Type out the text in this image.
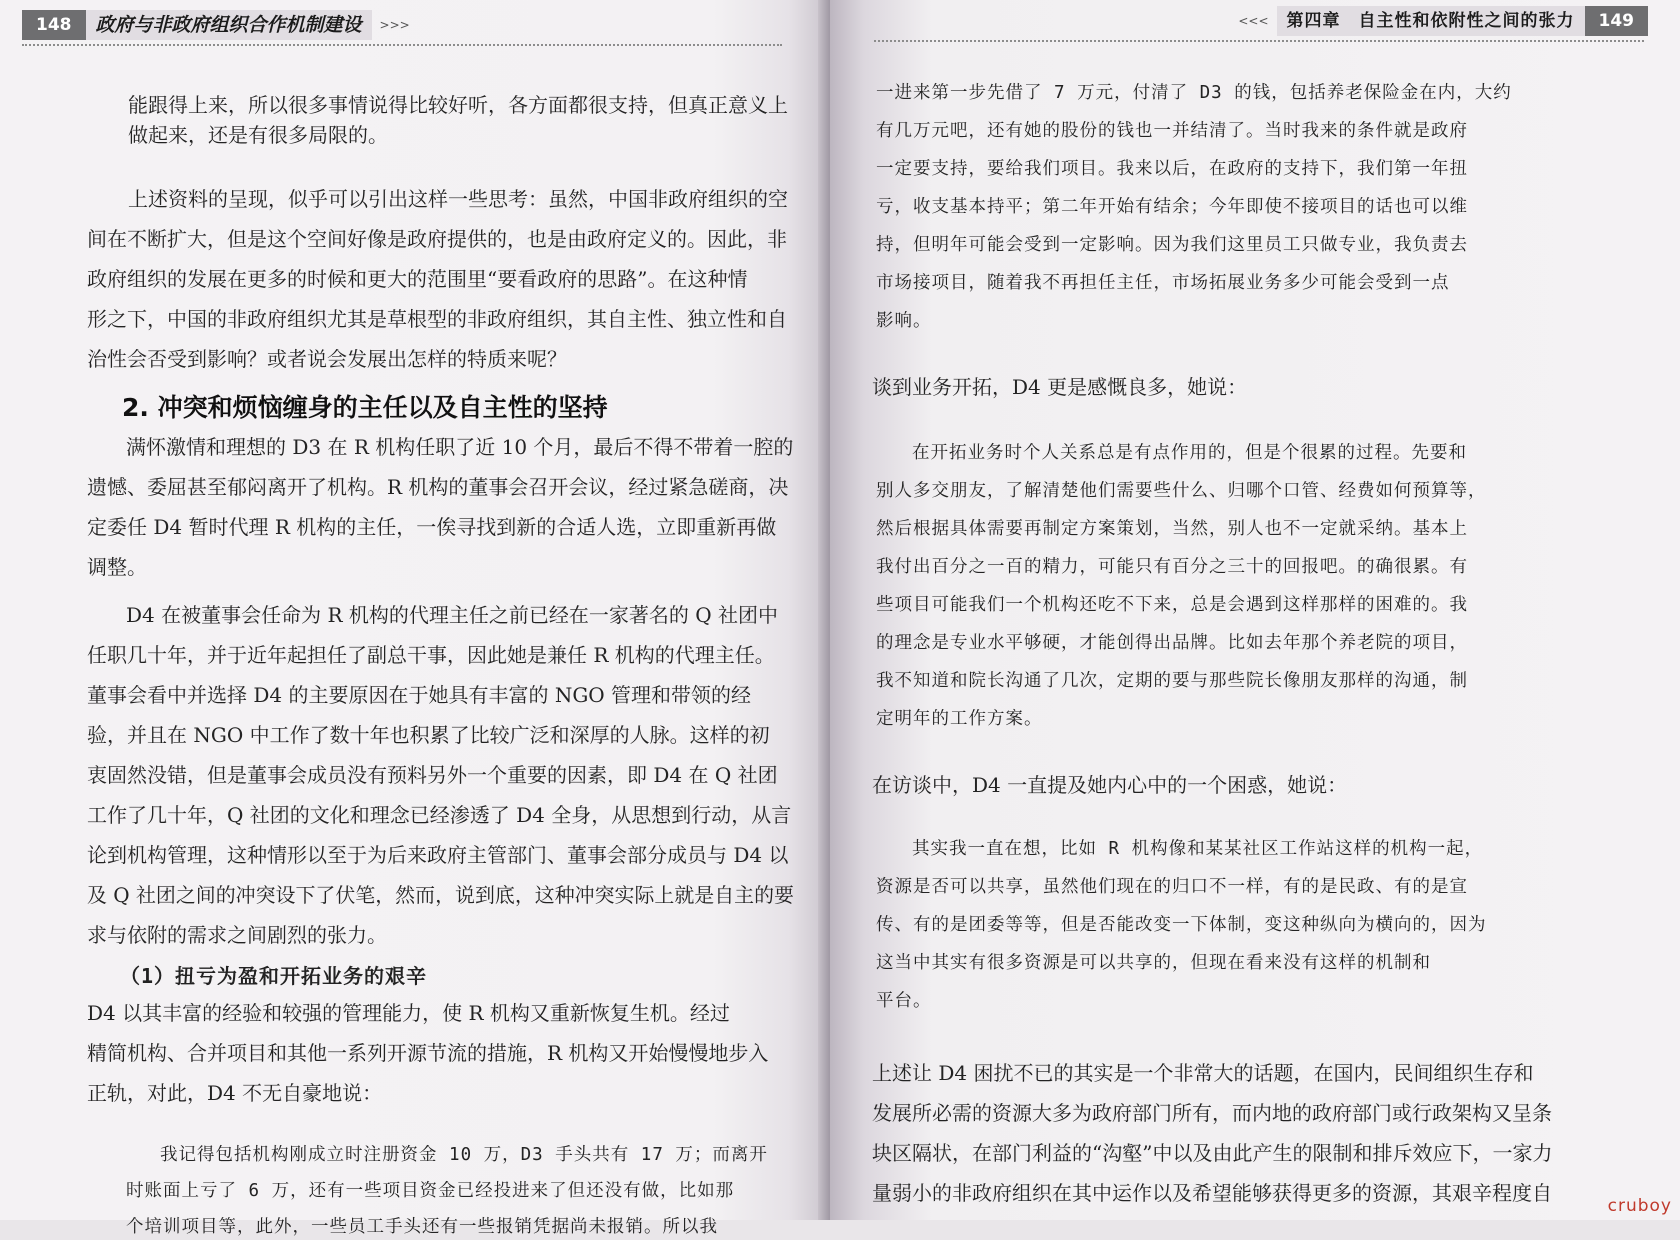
148	政府与非政府组织合作机制建设	>>>
能跟得上来，所以很多事情说得比较好听，各方面都很支持，但真正意义上
做起来，还是有很多局限的。
上述资料的呈现，似乎可以引出这样一些思考：虽然，中国非政府组织的空
间在不断扩大，但是这个空间好像是政府提供的，也是由政府定义的。因此，非
政府组织的发展在更多的时候和更大的范围里“要看政府的思路”。在这种情
形之下，中国的非政府组织尤其是草根型的非政府组织，其自主性、独立性和自
治性会否受到影响？或者说会发展出怎样的特质来呢？
2. 冲突和烦恼缠身的主任以及自主性的坚持
满怀激情和理想的 D3 在 R 机构任职了近 10 个月，最后不得不带着一腔的
遗憾、委屈甚至郁闷离开了机构。R 机构的董事会召开会议，经过紧急磋商，决
定委任 D4 暂时代理 R 机构的主任，一俟寻找到新的合适人选，立即重新再做
调整。
D4 在被董事会任命为 R 机构的代理主任之前已经在一家著名的 Q 社团中
任职几十年，并于近年起担任了副总干事，因此她是兼任 R 机构的代理主任。
董事会看中并选择 D4 的主要原因在于她具有丰富的 NGO 管理和带领的经
验，并且在 NGO 中工作了数十年也积累了比较广泛和深厚的人脉。这样的初
衷固然没错，但是董事会成员没有预料另外一个重要的因素，即 D4 在 Q 社团
工作了几十年，Q 社团的文化和理念已经渗透了 D4 全身，从思想到行动，从言
论到机构管理，这种情形以至于为后来政府主管部门、董事会部分成员与 D4 以
及 Q 社团之间的冲突设下了伏笔，然而，说到底，这种冲突实际上就是自主的要
求与依附的需求之间剧烈的张力。
（1）扭亏为盈和开拓业务的艰辛
D4 以其丰富的经验和较强的管理能力，使 R 机构又重新恢复生机。经过
精简机构、合并项目和其他一系列开源节流的措施，R 机构又开始慢慢地步入
正轨，对此，D4 不无自豪地说：
我记得包括机构刚成立时注册资金 10 万，D3 手头共有 17 万；而离开
时账面上亏了 6 万，还有一些项目资金已经投进来了但还没有做，比如那
个培训项目等，此外，一些员工手头还有一些报销凭据尚未报销。所以我
<<<	第四章　自主性和依附性之间的张力	149
一进来第一步先借了 7 万元，付清了 D3 的钱，包括养老保险金在内，大约
有几万元吧，还有她的股份的钱也一并结清了。当时我来的条件就是政府
一定要支持，要给我们项目。我来以后，在政府的支持下，我们第一年扭
亏，收支基本持平；第二年开始有结余；今年即使不接项目的话也可以维
持，但明年可能会受到一定影响。因为我们这里员工只做专业，我负责去
市场接项目，随着我不再担任主任，市场拓展业务多少可能会受到一点
影响。
谈到业务开拓，D4 更是感慨良多，她说：
在开拓业务时个人关系总是有点作用的，但是个很累的过程。先要和
别人多交朋友，了解清楚他们需要些什么、归哪个口管、经费如何预算等，
然后根据具体需要再制定方案策划，当然，别人也不一定就采纳。基本上
我付出百分之一百的精力，可能只有百分之三十的回报吧。的确很累。有
些项目可能我们一个机构还吃不下来，总是会遇到这样那样的困难的。我
的理念是专业水平够硬，才能创得出品牌。比如去年那个养老院的项目，
我不知道和院长沟通了几次，定期的要与那些院长像朋友那样的沟通，制
定明年的工作方案。
在访谈中，D4 一直提及她内心中的一个困惑，她说：
其实我一直在想，比如 R 机构像和某某社区工作站这样的机构一起，
资源是否可以共享，虽然他们现在的归口不一样，有的是民政、有的是宣
传、有的是团委等等，但是否能改变一下体制，变这种纵向为横向的，因为
这当中其实有很多资源是可以共享的，但现在看来没有这样的机制和
平台。
上述让 D4 困扰不已的其实是一个非常大的话题，在国内，民间组织生存和
发展所必需的资源大多为政府部门所有，而内地的政府部门或行政架构又呈条
块区隔状，在部门利益的“沟壑”中以及由此产生的限制和排斥效应下，一家力
量弱小的非政府组织在其中运作以及希望能够获得更多的资源，其艰辛程度自
cruboy
